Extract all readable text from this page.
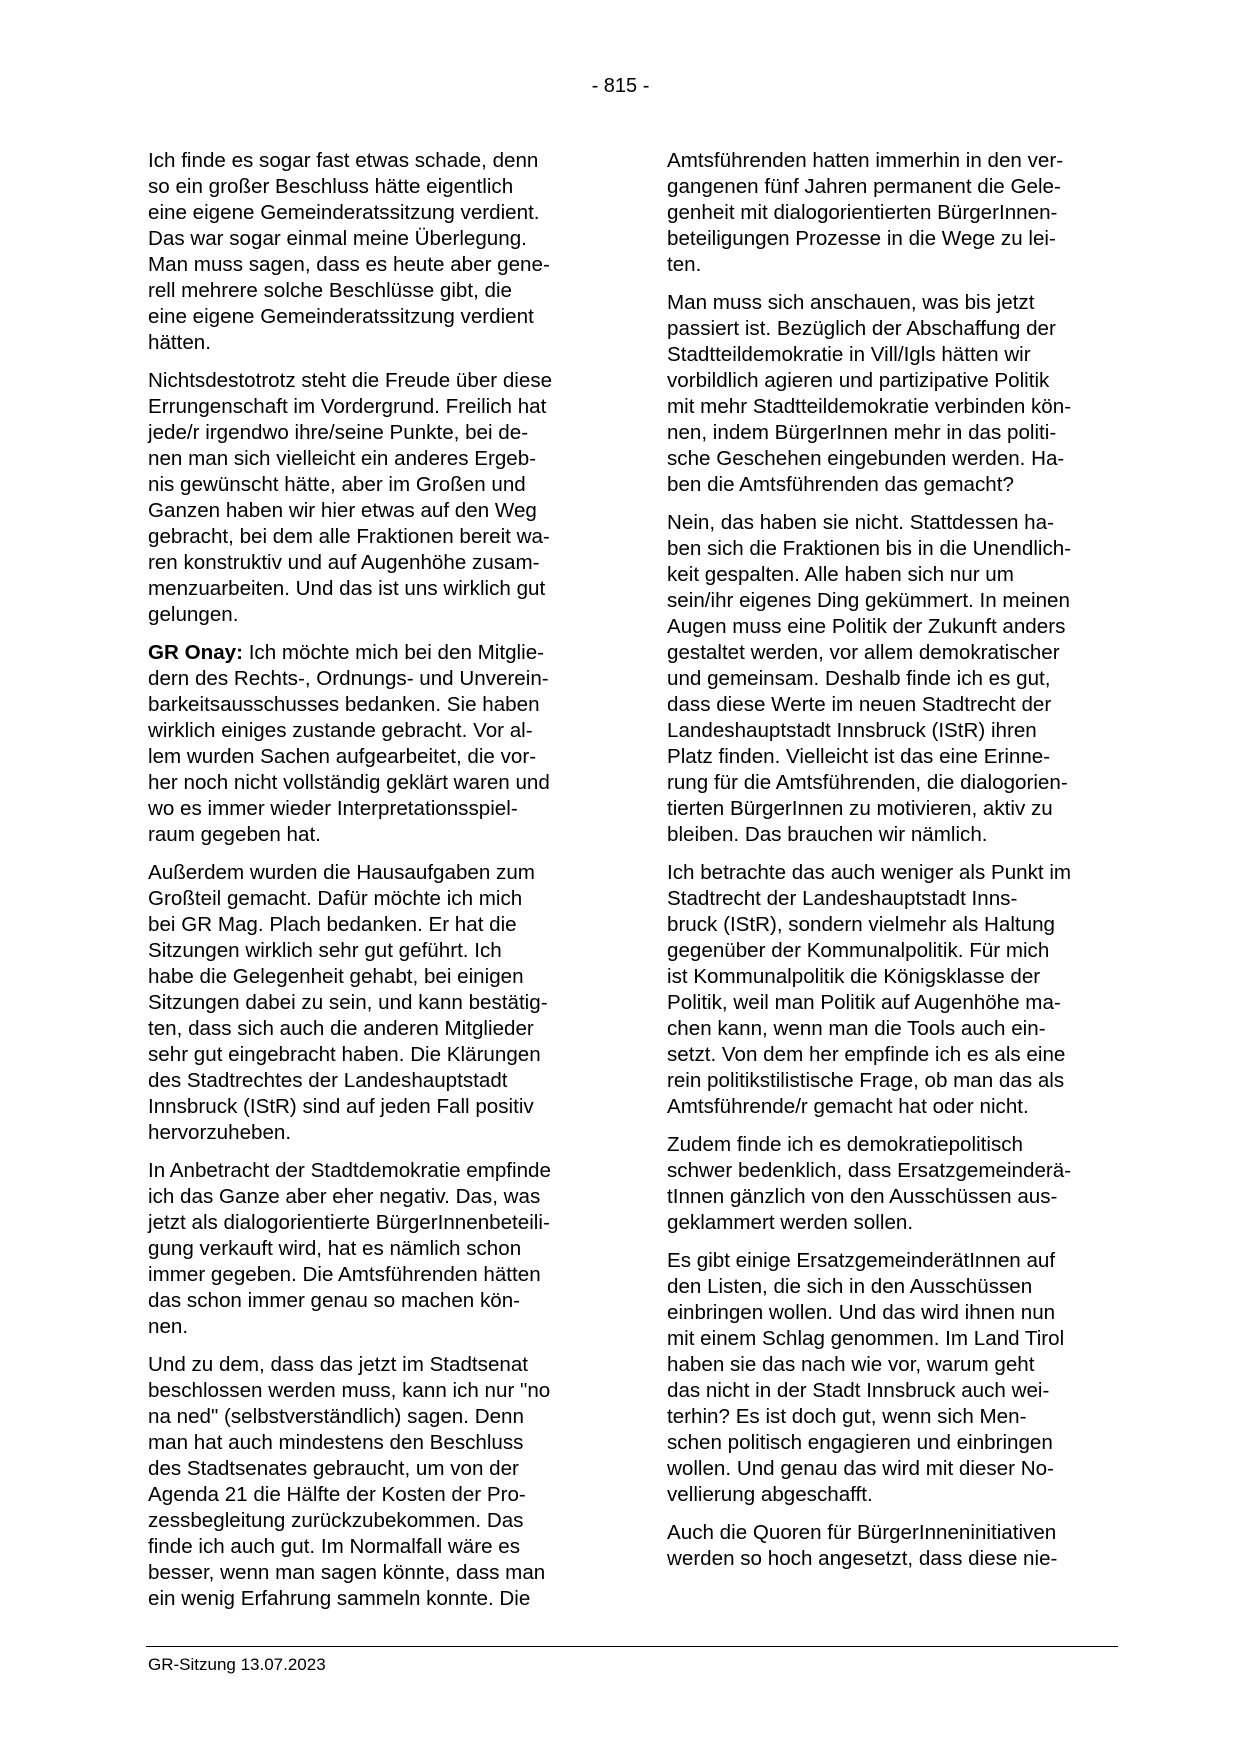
- 815 -

Ich finde es sogar fast etwas schade, denn
so ein großer Beschluss hätte eigentlich
eine eigene Gemeinderatssitzung verdient.
Das war sogar einmal meine Überlegung.
Man muss sagen, dass es heute aber gene-
rell mehrere solche Beschlüsse gibt, die
eine eigene Gemeinderatssitzung verdient
hätten.

Nichtsdestotrotz steht die Freude über diese
Errungenschaft im Vordergrund. Freilich hat
jede/r irgendwo ihre/seine Punkte, bei de-
nen man sich vielleicht ein anderes Ergeb-
nis gewünscht hätte, aber im Großen und
Ganzen haben wir hier etwas auf den Weg
gebracht, bei dem alle Fraktionen bereit wa-
ren konstruktiv und auf Augenhöhe zusam-
menzuarbeiten. Und das ist uns wirklich gut
gelungen.

GR Onay: Ich möchte mich bei den Mitglie-
dern des Rechts-, Ordnungs- und Unverein-
barkeitsausschusses bedanken. Sie haben
wirklich einiges zustande gebracht. Vor al-
lem wurden Sachen aufgearbeitet, die vor-
her noch nicht vollständig geklärt waren und
wo es immer wieder Interpretationsspiel-
raum gegeben hat.

Außerdem wurden die Hausaufgaben zum
Großteil gemacht. Dafür möchte ich mich
bei GR Mag. Plach bedanken. Er hat die
Sitzungen wirklich sehr gut geführt. Ich
habe die Gelegenheit gehabt, bei einigen
Sitzungen dabei zu sein, und kann bestätig-
ten, dass sich auch die anderen Mitglieder
sehr gut eingebracht haben. Die Klärungen
des Stadtrechtes der Landeshauptstadt
Innsbruck (IStR) sind auf jeden Fall positiv
hervorzuheben.

In Anbetracht der Stadtdemokratie empfinde
ich das Ganze aber eher negativ. Das, was
jetzt als dialogorientierte BürgerInnenbeteili-
gung verkauft wird, hat es nämlich schon
immer gegeben. Die Amtsführenden hätten
das schon immer genau so machen kön-
nen.

Und zu dem, dass das jetzt im Stadtsenat
beschlossen werden muss, kann ich nur "no
na ned" (selbstverständlich) sagen. Denn
man hat auch mindestens den Beschluss
des Stadtsenates gebraucht, um von der
Agenda 21 die Hälfte der Kosten der Pro-
zessbegleitung zurückzubekommen. Das
finde ich auch gut. Im Normalfall wäre es
besser, wenn man sagen könnte, dass man
ein wenig Erfahrung sammeln konnte. Die

Amtsführenden hatten immerhin in den ver-
gangenen fünf Jahren permanent die Gele-
genheit mit dialogorientierten BürgerInnen-
beteiligungen Prozesse in die Wege zu lei-
ten.

Man muss sich anschauen, was bis jetzt
passiert ist. Bezüglich der Abschaffung der
Stadtteildemokratie in Vill/Igls hätten wir
vorbildlich agieren und partizipative Politik
mit mehr Stadtteildemokratie verbinden kön-
nen, indem BürgerInnen mehr in das politi-
sche Geschehen eingebunden werden. Ha-
ben die Amtsführenden das gemacht?

Nein, das haben sie nicht. Stattdessen ha-
ben sich die Fraktionen bis in die Unendlich-
keit gespalten. Alle haben sich nur um
sein/ihr eigenes Ding gekümmert. In meinen
Augen muss eine Politik der Zukunft anders
gestaltet werden, vor allem demokratischer
und gemeinsam. Deshalb finde ich es gut,
dass diese Werte im neuen Stadtrecht der
Landeshauptstadt Innsbruck (IStR) ihren
Platz finden. Vielleicht ist das eine Erinne-
rung für die Amtsführenden, die dialogorien-
tierten BürgerInnen zu motivieren, aktiv zu
bleiben. Das brauchen wir nämlich.

Ich betrachte das auch weniger als Punkt im
Stadtrecht der Landeshauptstadt Inns-
bruck (IStR), sondern vielmehr als Haltung
gegenüber der Kommunalpolitik. Für mich
ist Kommunalpolitik die Königsklasse der
Politik, weil man Politik auf Augenhöhe ma-
chen kann, wenn man die Tools auch ein-
setzt. Von dem her empfinde ich es als eine
rein politikstilistische Frage, ob man das als
Amtsführende/r gemacht hat oder nicht.

Zudem finde ich es demokratiepolitisch
schwer bedenklich, dass Ersatzgemeinderä-
tInnen gänzlich von den Ausschüssen aus-
geklammert werden sollen.

Es gibt einige ErsatzgemeinderätInnen auf
den Listen, die sich in den Ausschüssen
einbringen wollen. Und das wird ihnen nun
mit einem Schlag genommen. Im Land Tirol
haben sie das nach wie vor, warum geht
das nicht in der Stadt Innsbruck auch wei-
terhin? Es ist doch gut, wenn sich Men-
schen politisch engagieren und einbringen
wollen. Und genau das wird mit dieser No-
vellierung abgeschafft.

Auch die Quoren für BürgerInneninitiativen
werden so hoch angesetzt, dass diese nie-

GR-Sitzung 13.07.2023
